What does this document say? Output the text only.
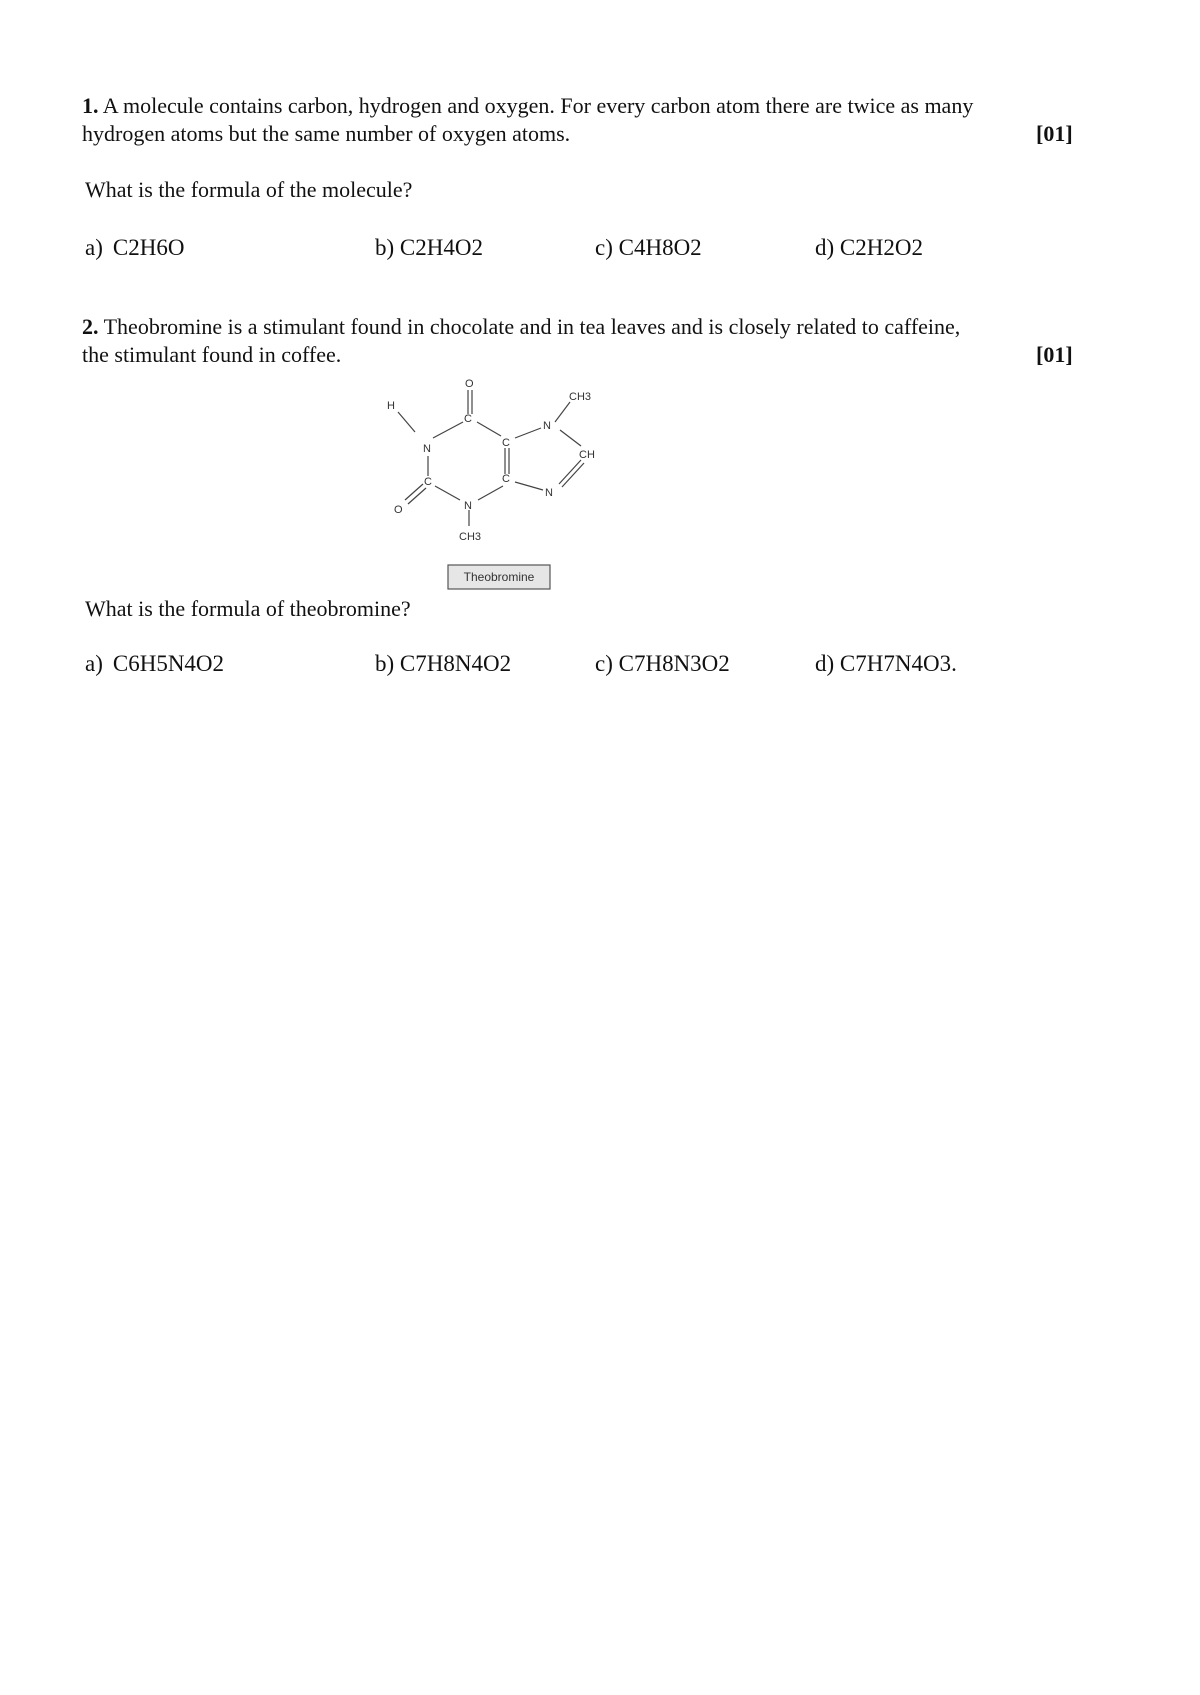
1. A molecule contains carbon, hydrogen and oxygen. For every carbon atom there are twice as many
hydrogen atoms but the same number of oxygen atoms.	[01]
What is the formula of the molecule?
a) C2H6O	b) C2H4O2	c) C4H8O2	d) C2H2O2
2. Theobromine is a stimulant found in chocolate and in tea leaves and is closely related to caffeine,
the stimulant found in coffee.	[01]
O
H
N
C
C
O	N
CH3
C
C
N
CH3
CH
N
Theobromine
What is the formula of theobromine?
a) C6H5N4O2	b) C7H8N4O2	c) C7H8N3O2	d) C7H7N4O3.
